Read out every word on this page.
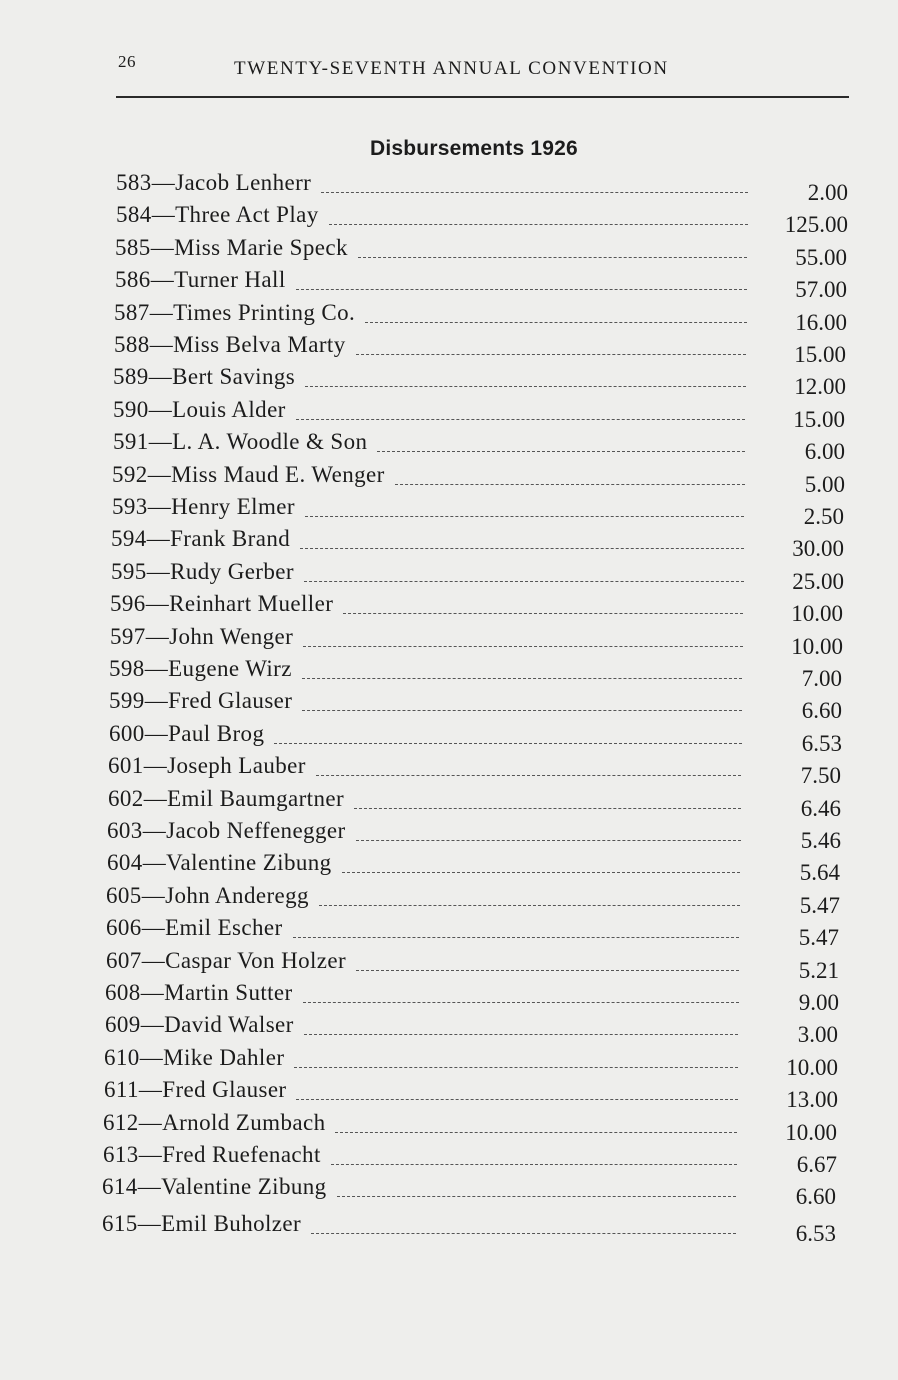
26	TWENTY-SEVENTH ANNUAL CONVENTION
Disbursements 1926
583—Jacob Lenherr	2.00
584—Three Act Play	125.00
585—Miss Marie Speck	55.00
586—Turner Hall	57.00
587—Times Printing Co.	16.00
588—Miss Belva Marty	15.00
589—Bert Savings	12.00
590—Louis Alder	15.00
591—L. A. Woodle & Son	6.00
592—Miss Maud E. Wenger	5.00
593—Henry Elmer	2.50
594—Frank Brand	30.00
595—Rudy Gerber	25.00
596—Reinhart Mueller	10.00
597—John Wenger	10.00
598—Eugene Wirz	7.00
599—Fred Glauser	6.60
600—Paul Brog	6.53
601—Joseph Lauber	7.50
602—Emil Baumgartner	6.46
603—Jacob Neffenegger	5.46
604—Valentine Zibung	5.64
605—John Anderegg	5.47
606—Emil Escher	5.47
607—Caspar Von Holzer	5.21
608—Martin Sutter	9.00
609—David Walser	3.00
610—Mike Dahler	10.00
611—Fred Glauser	13.00
612—Arnold Zumbach	10.00
613—Fred Ruefenacht	6.67
614—Valentine Zibung	6.60
615—Emil Buholzer	6.53
